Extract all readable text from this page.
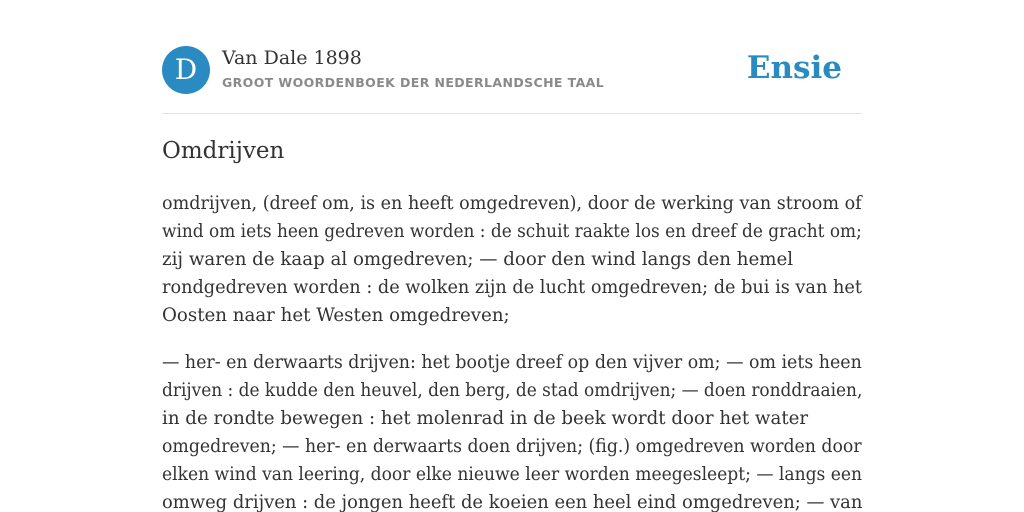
D	Van Dale 1898
GROOT WOORDENBOEK DER NEDERLANDSCHE TAAL	Ensie
Omdrijven

omdrijven, (dreef om, is en heeft omgedreven), door de werking van stroom of
wind om iets heen gedreven worden : de schuit raakte los en dreef de gracht om;
zij waren de kaap al omgedreven; — door den wind langs den hemel
rondgedreven worden : de wolken zijn de lucht omgedreven; de bui is van het
Oosten naar het Westen omgedreven;

— her- en derwaarts drijven: het bootje dreef op den vijver om; — om iets heen
drijven : de kudde den heuvel, den berg, de stad omdrijven; — doen ronddraaien,
in de rondte bewegen : het molenrad in de beek wordt door het water
omgedreven; — her- en derwaarts doen drijven; (fig.) omgedreven worden door
elken wind van leering, door elke nieuwe leer worden meegesleept; — langs een
omweg drijven : de jongen heeft de koeien een heel eind omgedreven; — van
